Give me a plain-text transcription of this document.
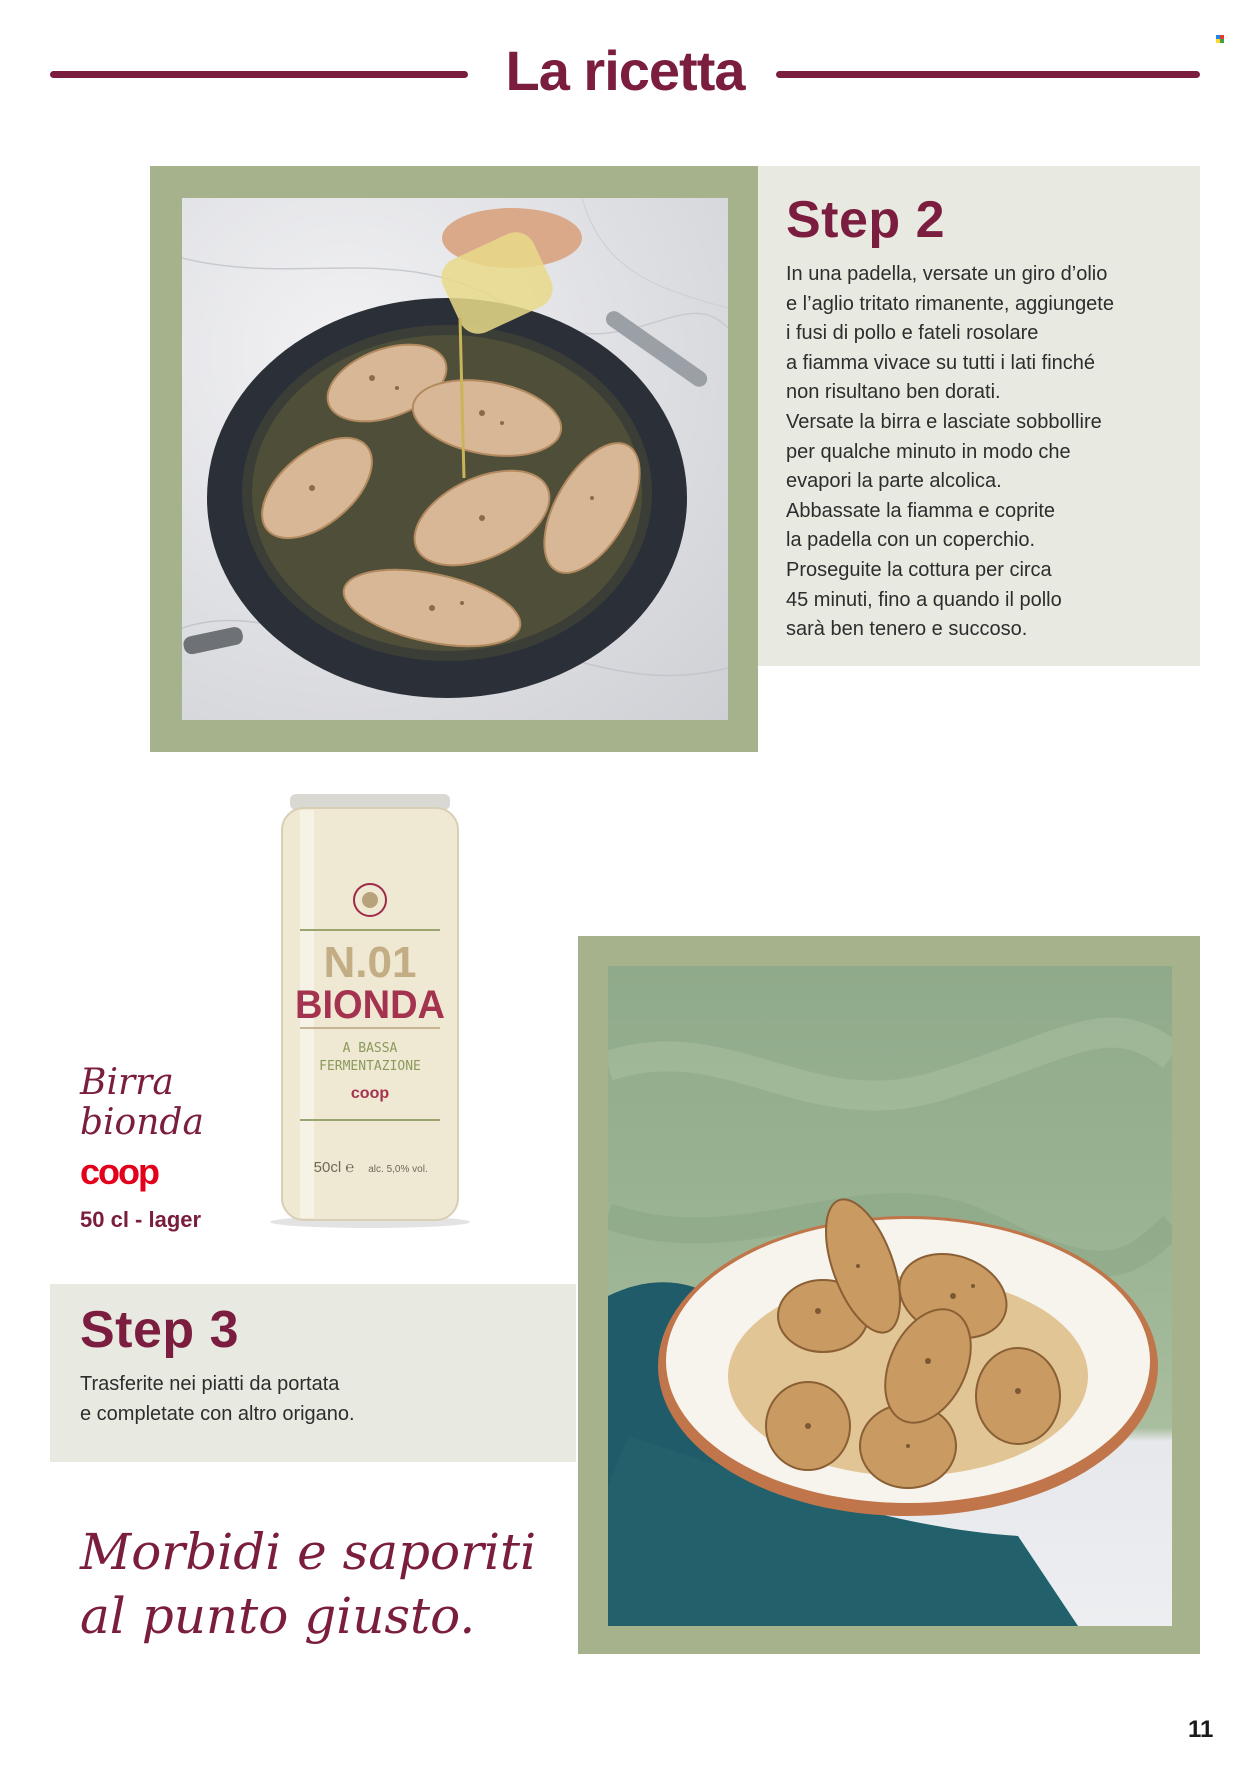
La ricetta
Step 2
In una padella, versate un giro d’olio
e l’aglio tritato rimanente, aggiungete
i fusi di pollo e fateli rosolare
a fiamma vivace su tutti i lati finché
non risultano ben dorati.
Versate la birra e lasciate sobbollire
per qualche minuto in modo che
evapori la parte alcolica.
Abbassate la fiamma e coprite
la padella con un coperchio.
Proseguite la cottura per circa
45 minuti, fino a quando il pollo
sarà ben tenero e succoso.
N.01
BIONDA
A BASSA
FERMENTAZIONE
coop
50cl ℮ alc. 5,0% vol.
Birra
bionda
coop
50 cl - lager
Step 3
Trasferite nei piatti da portata
e completate con altro origano.
Morbidi e saporiti
al punto giusto.
11
